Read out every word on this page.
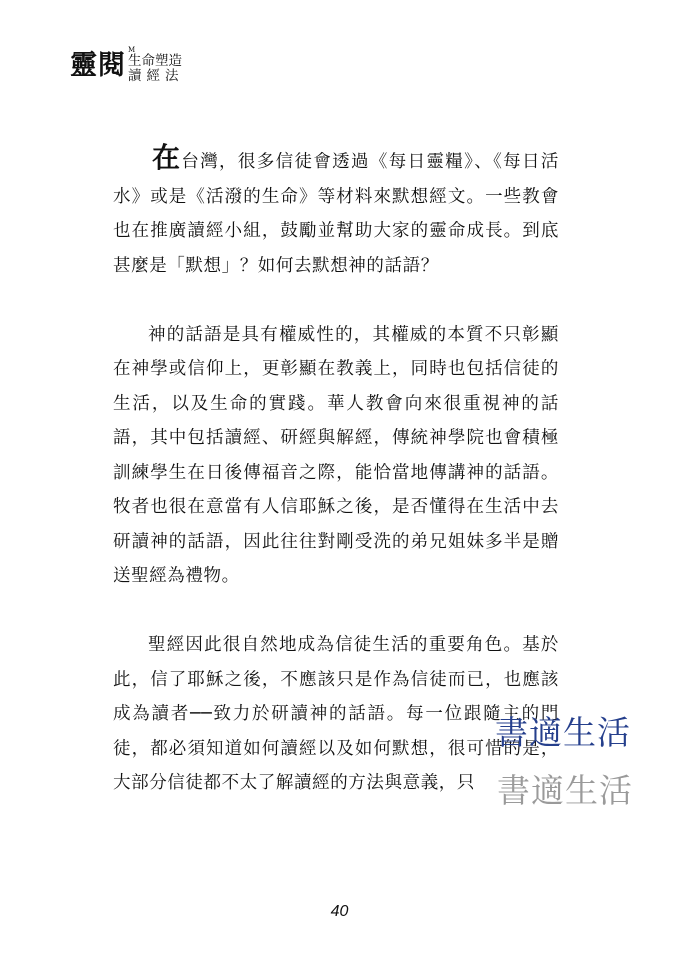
靈閱 M
生命塑造
讀經法

在台灣，很多信徒會透過《每日靈糧》、《每日活水》或是《活潑的生命》等材料來默想經文。一些教會也在推廣讀經小組，鼓勵並幫助大家的靈命成長。到底甚麼是「默想」？如何去默想神的話語？

神的話語是具有權威性的，其權威的本質不只彰顯在神學或信仰上，更彰顯在教義上，同時也包括信徒的生活，以及生命的實踐。華人教會向來很重視神的話語，其中包括讀經、研經與解經，傳統神學院也會積極訓練學生在日後傳福音之際，能恰當地傳講神的話語。牧者也很在意當有人信耶穌之後，是否懂得在生活中去研讀神的話語，因此往往對剛受洗的弟兄姐妹多半是贈送聖經為禮物。

聖經因此很自然地成為信徒生活的重要角色。基於此，信了耶穌之後，不應該只是作為信徒而已，也應該成為讀者──致力於研讀神的話語。每一位跟隨主的門徒，都必須知道如何讀經以及如何默想，很可惜的是，大部分信徒都不太了解讀經的方法與意義，只

書適生活
書適生活
40
